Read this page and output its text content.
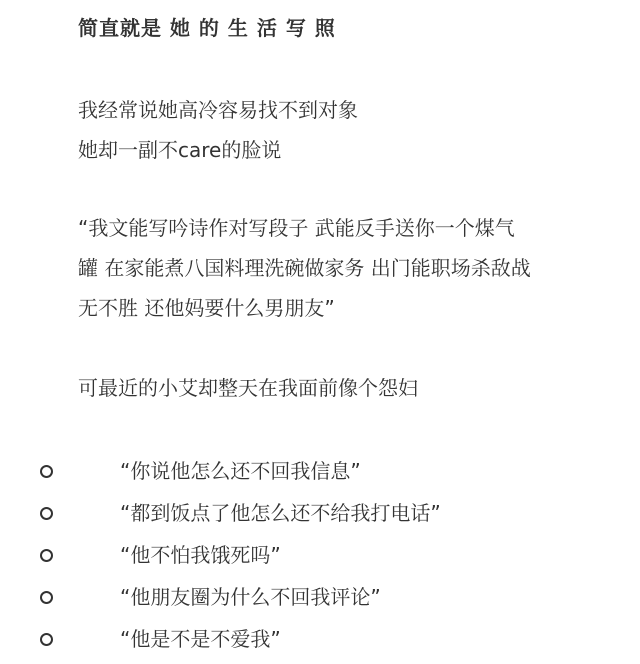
简直就是 她 的 生 活 写 照
我经常说她高冷容易找不到对象
她却一副不care的脸说
“我文能写吟诗作对写段子 武能反手送你一个煤气
罐 在家能煮八国料理洗碗做家务 出门能职场杀敌战
无不胜 还他妈要什么男朋友”
可最近的小艾却整天在我面前像个怨妇
“你说他怎么还不回我信息”
“都到饭点了他怎么还不给我打电话”
“他不怕我饿死吗”
“他朋友圈为什么不回我评论”
“他是不是不爱我”
